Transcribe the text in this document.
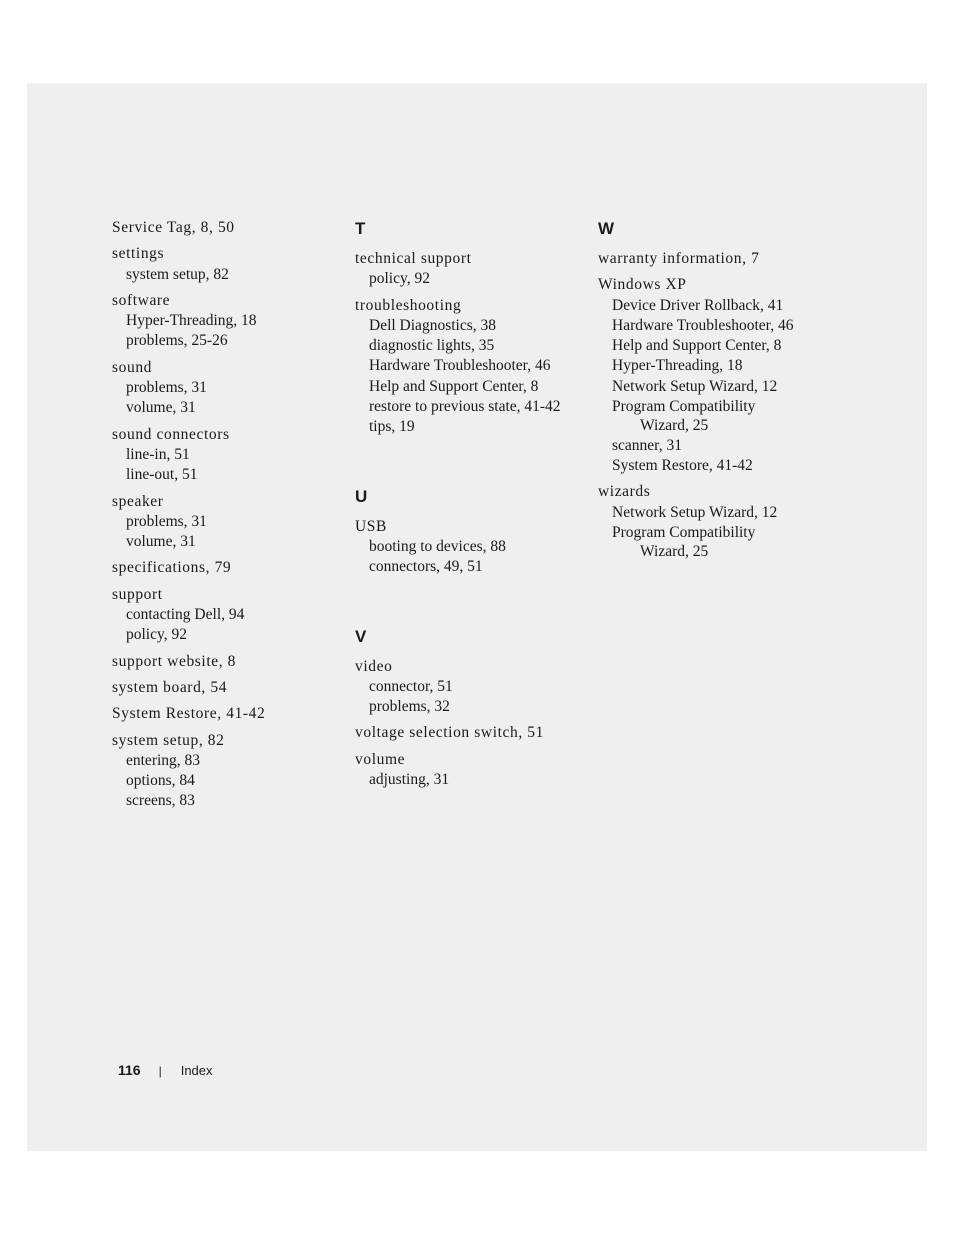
Service Tag, 8, 50
settings
system setup, 82
software
Hyper-Threading, 18
problems, 25-26
sound
problems, 31
volume, 31
sound connectors
line-in, 51
line-out, 51
speaker
problems, 31
volume, 31
specifications, 79
support
contacting Dell, 94
policy, 92
support website, 8
system board, 54
System Restore, 41-42
system setup, 82
entering, 83
options, 84
screens, 83
T
technical support
policy, 92
troubleshooting
Dell Diagnostics, 38
diagnostic lights, 35
Hardware Troubleshooter, 46
Help and Support Center, 8
restore to previous state, 41-42
tips, 19
U
USB
booting to devices, 88
connectors, 49, 51
V
video
connector, 51
problems, 32
voltage selection switch, 51
volume
adjusting, 31
W
warranty information, 7
Windows XP
Device Driver Rollback, 41
Hardware Troubleshooter, 46
Help and Support Center, 8
Hyper-Threading, 18
Network Setup Wizard, 12
Program Compatibility
Wizard, 25
scanner, 31
System Restore, 41-42
wizards
Network Setup Wizard, 12
Program Compatibility
Wizard, 25
116 | Index
